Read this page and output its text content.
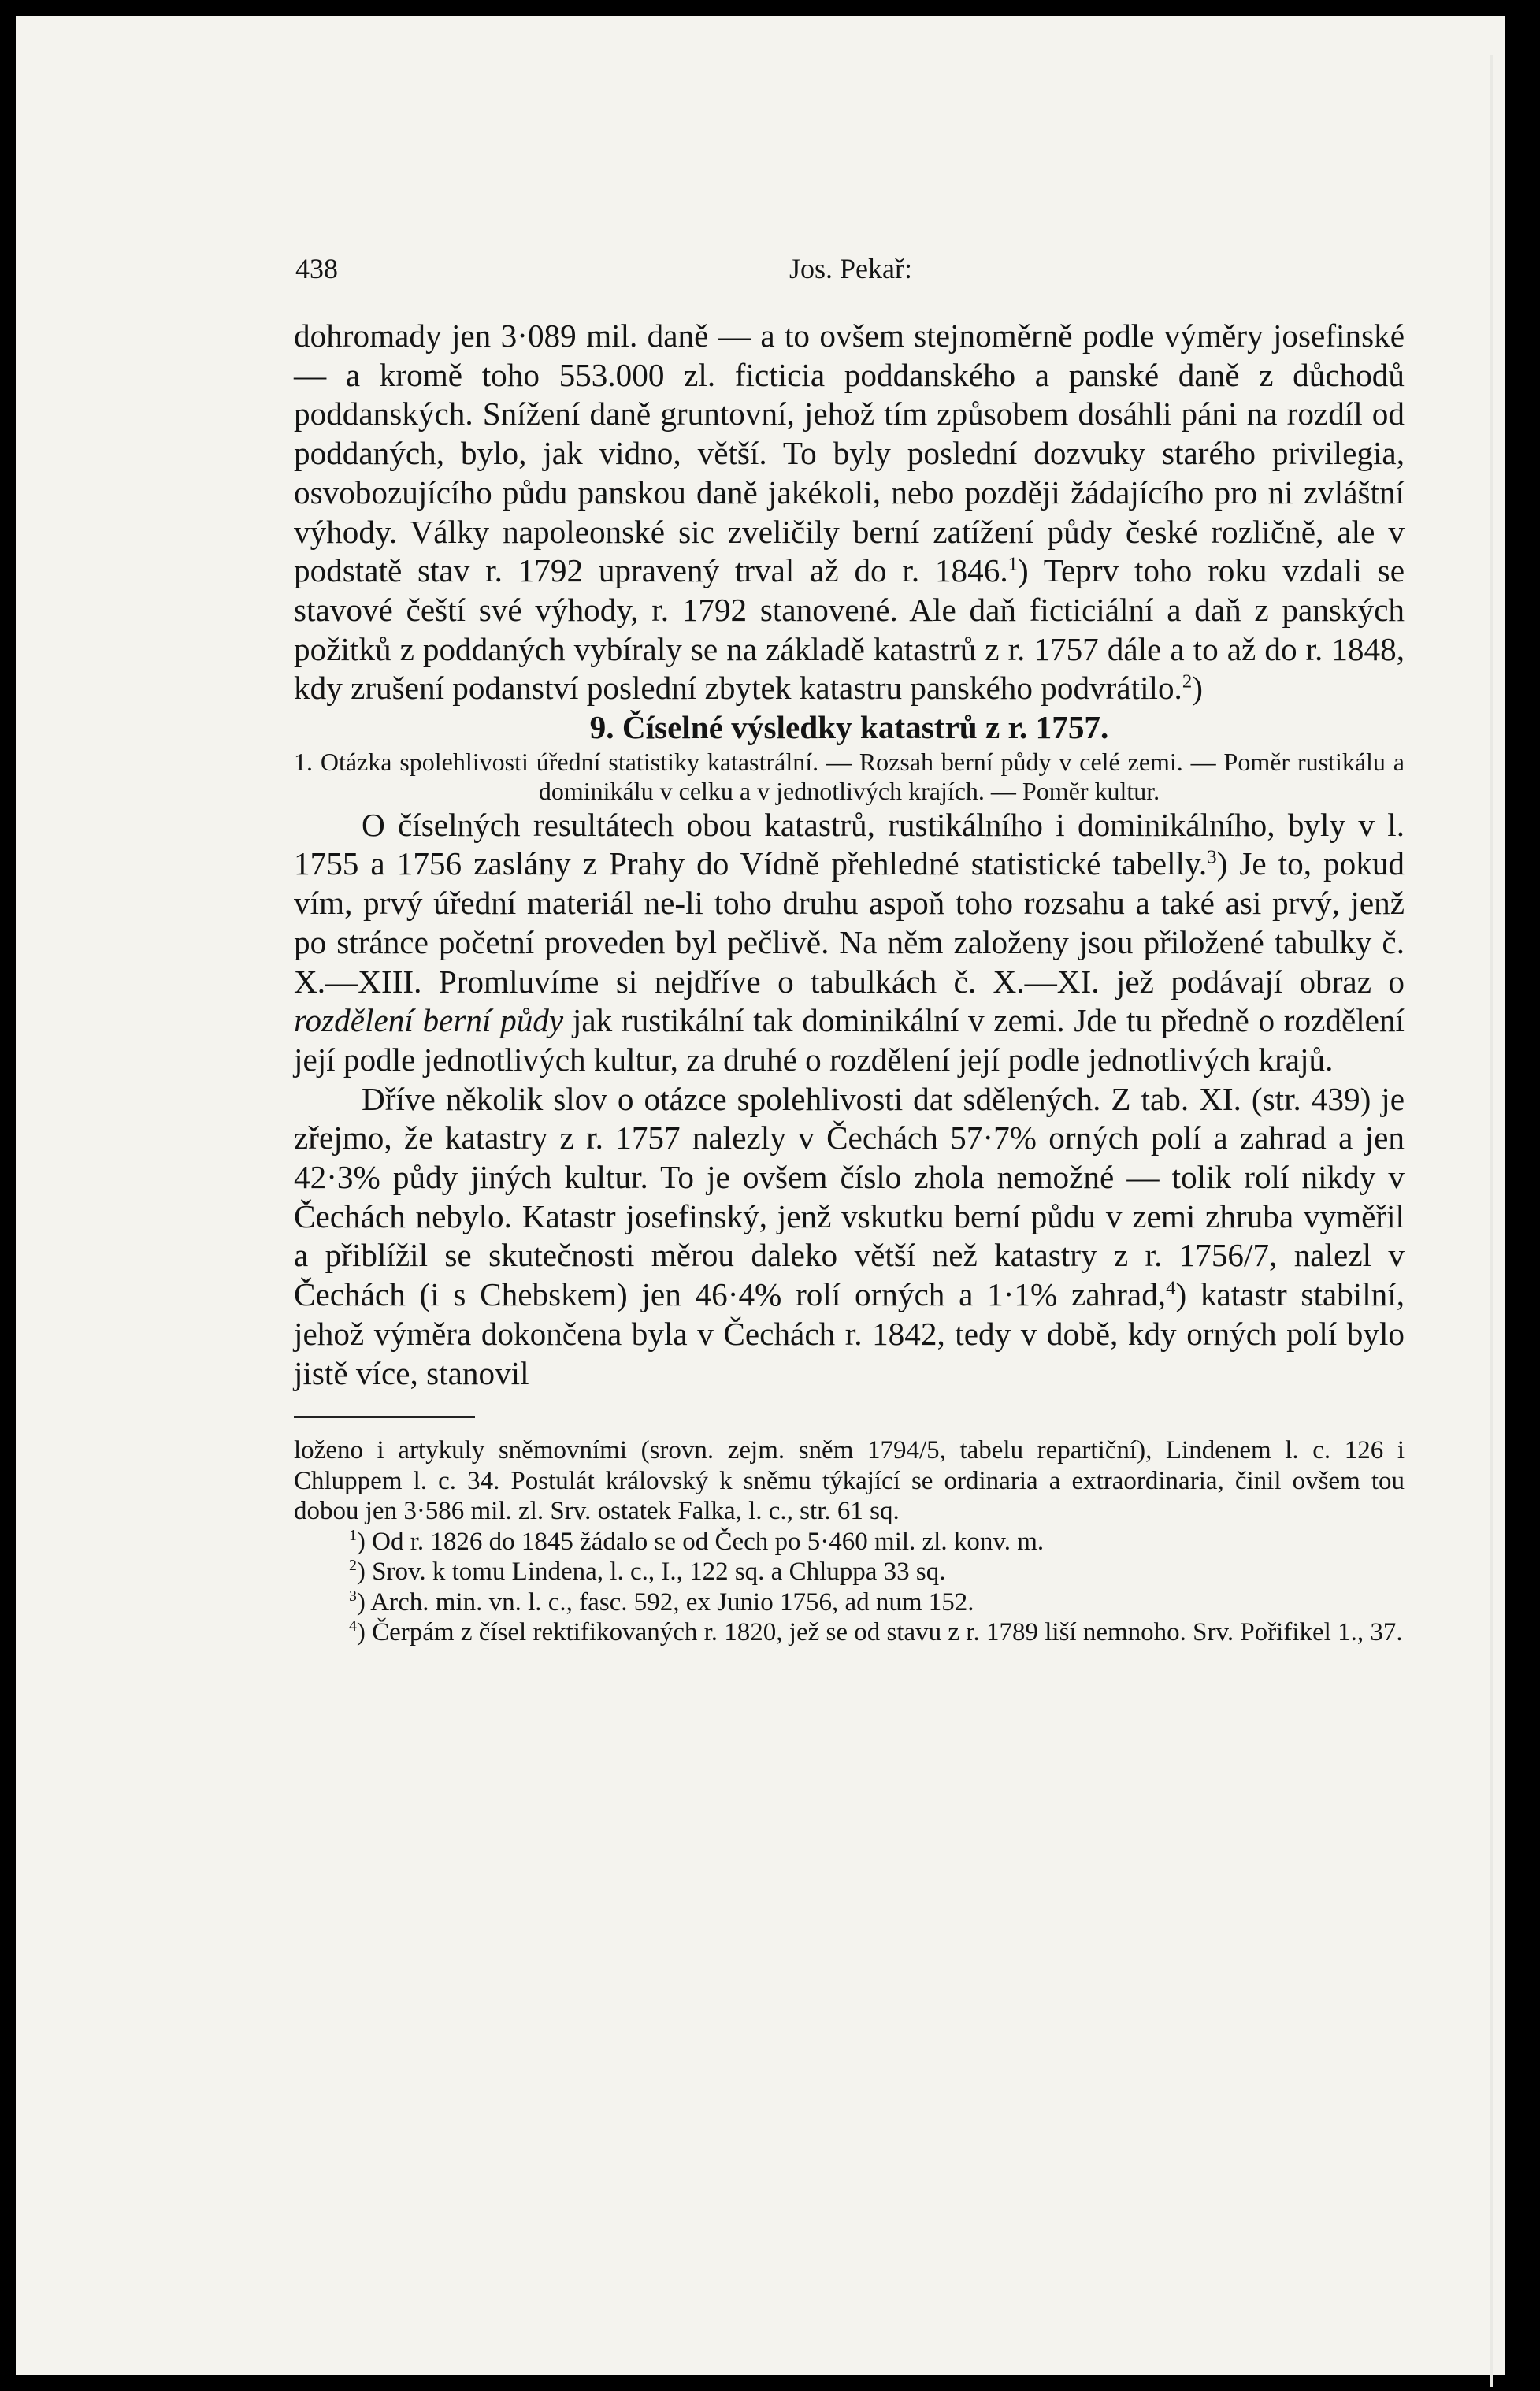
438	Jos. Pekař:

dohromady jen 3·089 mil. daně — a to ovšem stejnoměrně podle výměry josefinské — a kromě toho 553.000 zl. ficticia poddanského a panské daně z důchodů poddanských. Snížení daně gruntovní, jehož tím způsobem dosáhli páni na rozdíl od poddaných, bylo, jak vidno, větší. To byly poslední dozvuky starého privilegia, osvobozujícího půdu panskou daně jakékoli, nebo později žádajícího pro ni zvláštní výhody. Války napoleonské sic zveličily berní zatížení půdy české rozličně, ale v podstatě stav r. 1792 upravený trval až do r. 1846.$^1$) Teprv toho roku vzdali se stavové čeští své výhody, r. 1792 stanovené. Ale daň ficticiální a daň z panských požitků z poddaných vybíraly se na základě katastrů z r. 1757 dále a to až do r. 1848, kdy zrušení podanství poslední zbytek katastru panského podvrátilo.$^2$)

9. Číselné výsledky katastrů z r. 1757.

1. Otázka spolehlivosti úřední statistiky katastrální. — Rozsah berní půdy v celé zemi. — Poměr rustikálu a dominikálu v celku a v jednotlivých krajích. — Poměr kultur.

O číselných resultátech obou katastrů, rustikálního i dominikálního, byly v l. 1755 a 1756 zaslány z Prahy do Vídně přehledné statistické tabelly.$^3$) Je to, pokud vím, prvý úřední materiál ne-li toho druhu aspoň toho rozsahu a také asi prvý, jenž po stránce početní proveden byl pečlivě. Na něm založeny jsou přiložené tabulky č. X.—XIII. Promluvíme si nejdříve o tabulkách č. X.—XI. jež podávají obraz o rozdělení berní půdy jak rustikální tak dominikální v zemi. Jde tu předně o rozdělení její podle jednotlivých kultur, za druhé o rozdělení její podle jednotlivých krajů.

Dříve několik slov o otázce spolehlivosti dat sdělených. Z tab. XI. (str. 439) je zřejmo, že katastry z r. 1757 nalezly v Čechách 57·7% orných polí a zahrad a jen 42·3% půdy jiných kultur. To je ovšem číslo zhola nemožné — tolik rolí nikdy v Čechách nebylo. Katastr josefinský, jenž vskutku berní půdu v zemi zhruba vyměřil a přiblížil se skutečnosti měrou daleko větší než katastry z r. 1756/7, nalezl v Čechách (i s Chebskem) jen 46·4% rolí orných a 1·1% zahrad,$^4$) katastr stabilní, jehož výměra dokončena byla v Čechách r. 1842, tedy v době, kdy orných polí bylo jistě více, stanovil

loženo i artykuly sněmovními (srovn. zejm. sněm 1794/5, tabelu repartiční), Lindenem l. c. 126 i Chluppem l. c. 34. Postulát královský k sněmu týkající se ordinaria a extraordinaria, činil ovšem tou dobou jen 3·586 mil. zl. Srv. ostatek Falka, l. c., str. 61 sq.

$^1$) Od r. 1826 do 1845 žádalo se od Čech po 5·460 mil. zl. konv. m.

$^2$) Srov. k tomu Lindena, l. c., I., 122 sq. a Chluppa 33 sq.

$^3$) Arch. min. vn. l. c., fasc. 592, ex Junio 1756, ad num 152.

$^4$) Čerpám z čísel rektifikovaných r. 1820, jež se od stavu z r. 1789 liší nemnoho. Srv. Pořifikel 1., 37.
